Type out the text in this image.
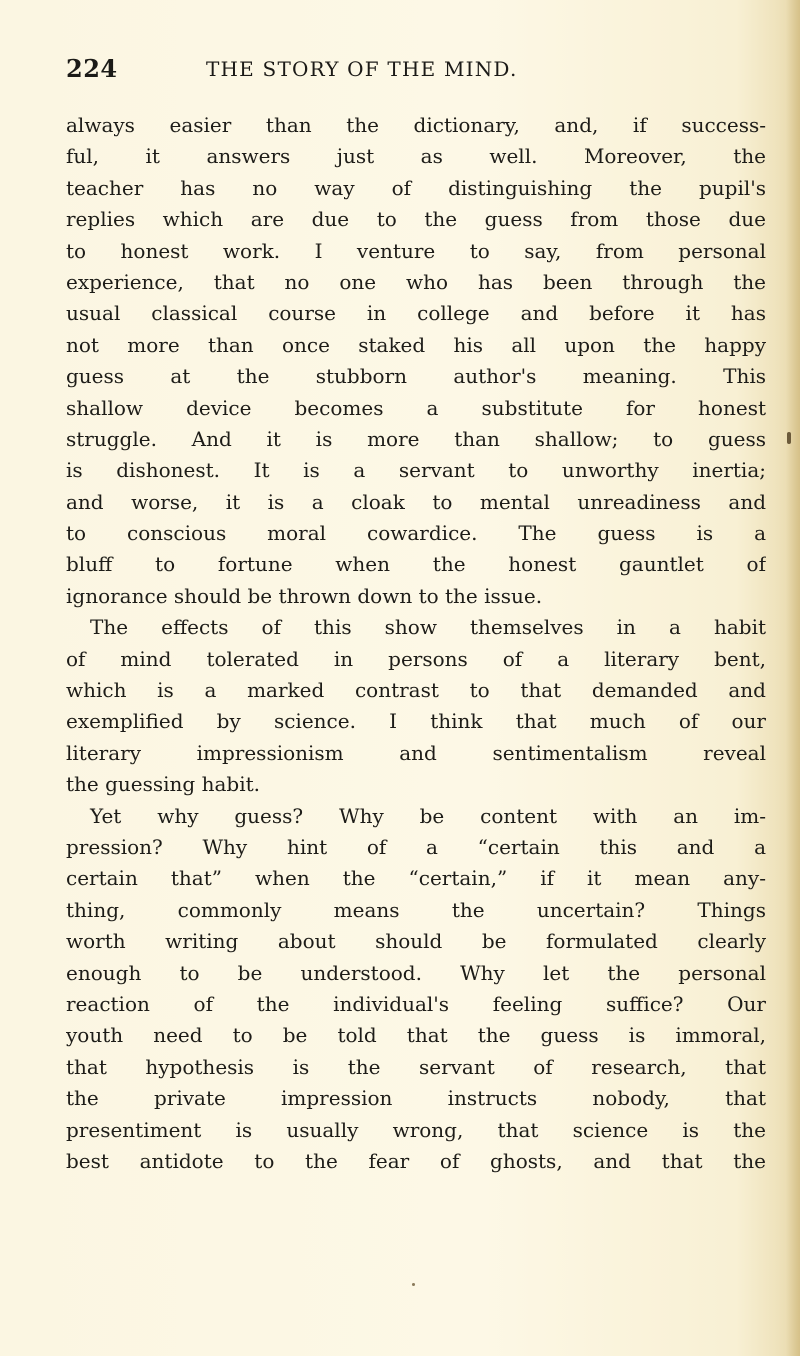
224	THE STORY OF THE MIND.
always easier than the dictionary, and, if success-
ful, it answers just as well. Moreover, the
teacher has no way of distinguishing the pupil's
replies which are due to the guess from those due
to honest work. I venture to say, from personal
experience, that no one who has been through the
usual classical course in college and before it has
not more than once staked his all upon the happy
guess at the stubborn author's meaning. This
shallow device becomes a substitute for honest
struggle. And it is more than shallow; to guess
is dishonest. It is a servant to unworthy inertia;
and worse, it is a cloak to mental unreadiness and
to conscious moral cowardice. The guess is a
bluff to fortune when the honest gauntlet of
ignorance should be thrown down to the issue.
The effects of this show themselves in a habit
of mind tolerated in persons of a literary bent,
which is a marked contrast to that demanded and
exemplified by science. I think that much of our
literary impressionism and sentimentalism reveal
the guessing habit.
Yet why guess? Why be content with an im-
pression? Why hint of a “certain this and a
certain that” when the “certain,” if it mean any-
thing, commonly means the uncertain? Things
worth writing about should be formulated clearly
enough to be understood. Why let the personal
reaction of the individual's feeling suffice? Our
youth need to be told that the guess is immoral,
that hypothesis is the servant of research, that
the private impression instructs nobody, that
presentiment is usually wrong, that science is the
best antidote to the fear of ghosts, and that the
